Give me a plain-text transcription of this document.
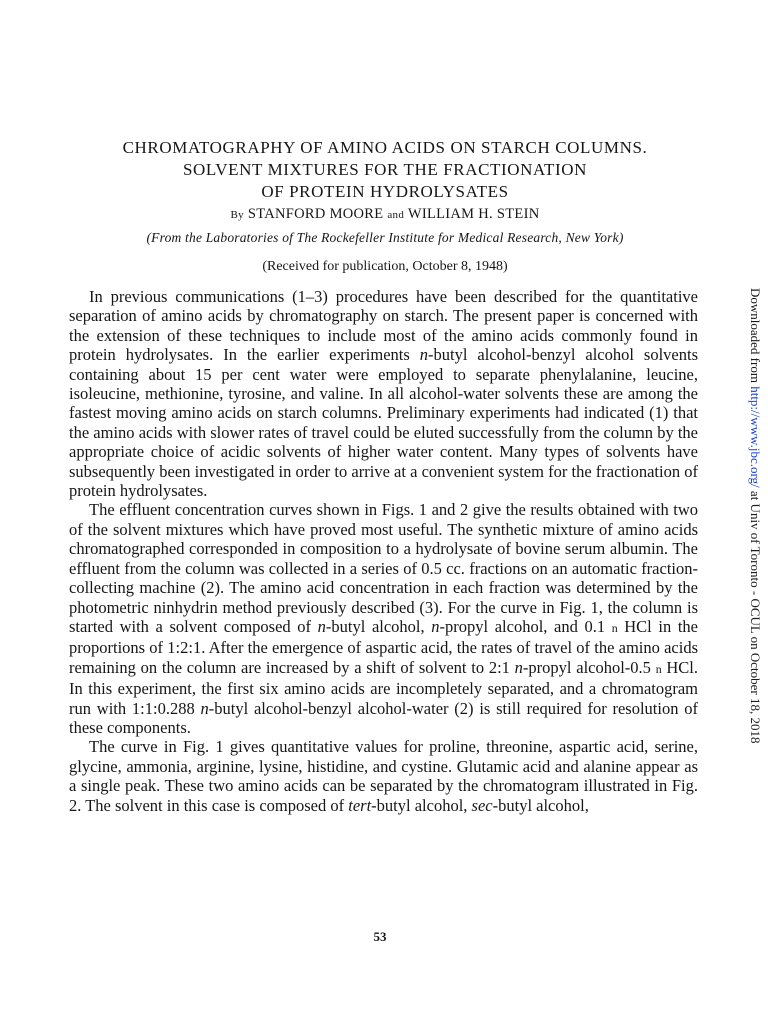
CHROMATOGRAPHY OF AMINO ACIDS ON STARCH COLUMNS.
SOLVENT MIXTURES FOR THE FRACTIONATION
OF PROTEIN HYDROLYSATES
By STANFORD MOORE and WILLIAM H. STEIN
(From the Laboratories of The Rockefeller Institute for Medical Research, New York)
(Received for publication, October 8, 1948)

In previous communications (1–3) procedures have been described for the quantitative separation of amino acids by chromatography on starch. The present paper is concerned with the extension of these techniques to include most of the amino acids commonly found in protein hydrolysates. In the earlier experiments n-butyl alcohol-benzyl alcohol solvents containing about 15 per cent water were employed to separate phenylalanine, leucine, isoleucine, methionine, tyrosine, and valine. In all alcohol-water solvents these are among the fastest moving amino acids on starch columns. Preliminary experiments had indicated (1) that the amino acids with slower rates of travel could be eluted successfully from the column by the appropriate choice of acidic solvents of higher water content. Many types of solvents have subsequently been investigated in order to arrive at a convenient system for the fractionation of protein hydrolysates.

The effluent concentration curves shown in Figs. 1 and 2 give the results obtained with two of the solvent mixtures which have proved most useful. The synthetic mixture of amino acids chromatographed corresponded in composition to a hydrolysate of bovine serum albumin. The effluent from the column was collected in a series of 0.5 cc. fractions on an automatic fraction-collecting machine (2). The amino acid concentration in each fraction was determined by the photometric ninhydrin method previously described (3). For the curve in Fig. 1, the column is started with a solvent composed of n-butyl alcohol, n-propyl alcohol, and 0.1 n HCl in the proportions of 1:2:1. After the emergence of aspartic acid, the rates of travel of the amino acids remaining on the column are increased by a shift of solvent to 2:1 n-propyl alcohol-0.5 n HCl. In this experiment, the first six amino acids are incompletely separated, and a chromatogram run with 1:1:0.288 n-butyl alcohol-benzyl alcohol-water (2) is still required for resolution of these components.

The curve in Fig. 1 gives quantitative values for proline, threonine, aspartic acid, serine, glycine, ammonia, arginine, lysine, histidine, and cystine. Glutamic acid and alanine appear as a single peak. These two amino acids can be separated by the chromatogram illustrated in Fig. 2. The solvent in this case is composed of tert-butyl alcohol, sec-butyl alcohol,

53
Downloaded from http://www.jbc.org/ at Univ of Toronto - OCUL on October 18, 2018
